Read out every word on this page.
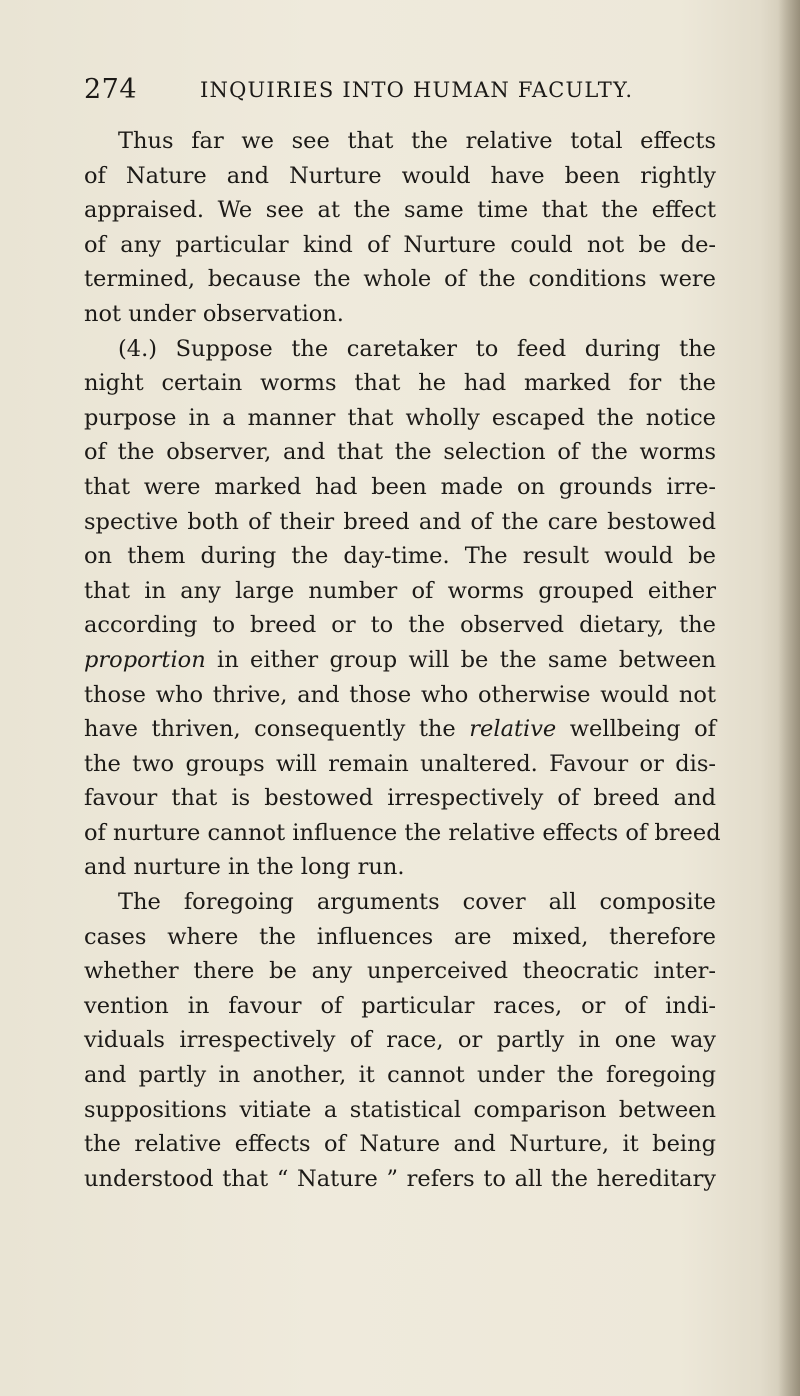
274	INQUIRIES INTO HUMAN FACULTY.
Thus far we see that the relative total effects
of Nature and Nurture would have been rightly
appraised. We see at the same time that the effect
of any particular kind of Nurture could not be de-
termined, because the whole of the conditions were
not under observation.
(4.) Suppose the caretaker to feed during the
night certain worms that he had marked for the
purpose in a manner that wholly escaped the notice
of the observer, and that the selection of the worms
that were marked had been made on grounds irre-
spective both of their breed and of the care bestowed
on them during the day-time. The result would be
that in any large number of worms grouped either
according to breed or to the observed dietary, the
proportion in either group will be the same between
those who thrive, and those who otherwise would not
have thriven, consequently the relative wellbeing of
the two groups will remain unaltered. Favour or dis-
favour that is bestowed irrespectively of breed and
of nurture cannot influence the relative effects of breed
and nurture in the long run.
The foregoing arguments cover all composite
cases where the influences are mixed, therefore
whether there be any unperceived theocratic inter-
vention in favour of particular races, or of indi-
viduals irrespectively of race, or partly in one way
and partly in another, it cannot under the foregoing
suppositions vitiate a statistical comparison between
the relative effects of Nature and Nurture, it being
understood that “ Nature ” refers to all the hereditary
